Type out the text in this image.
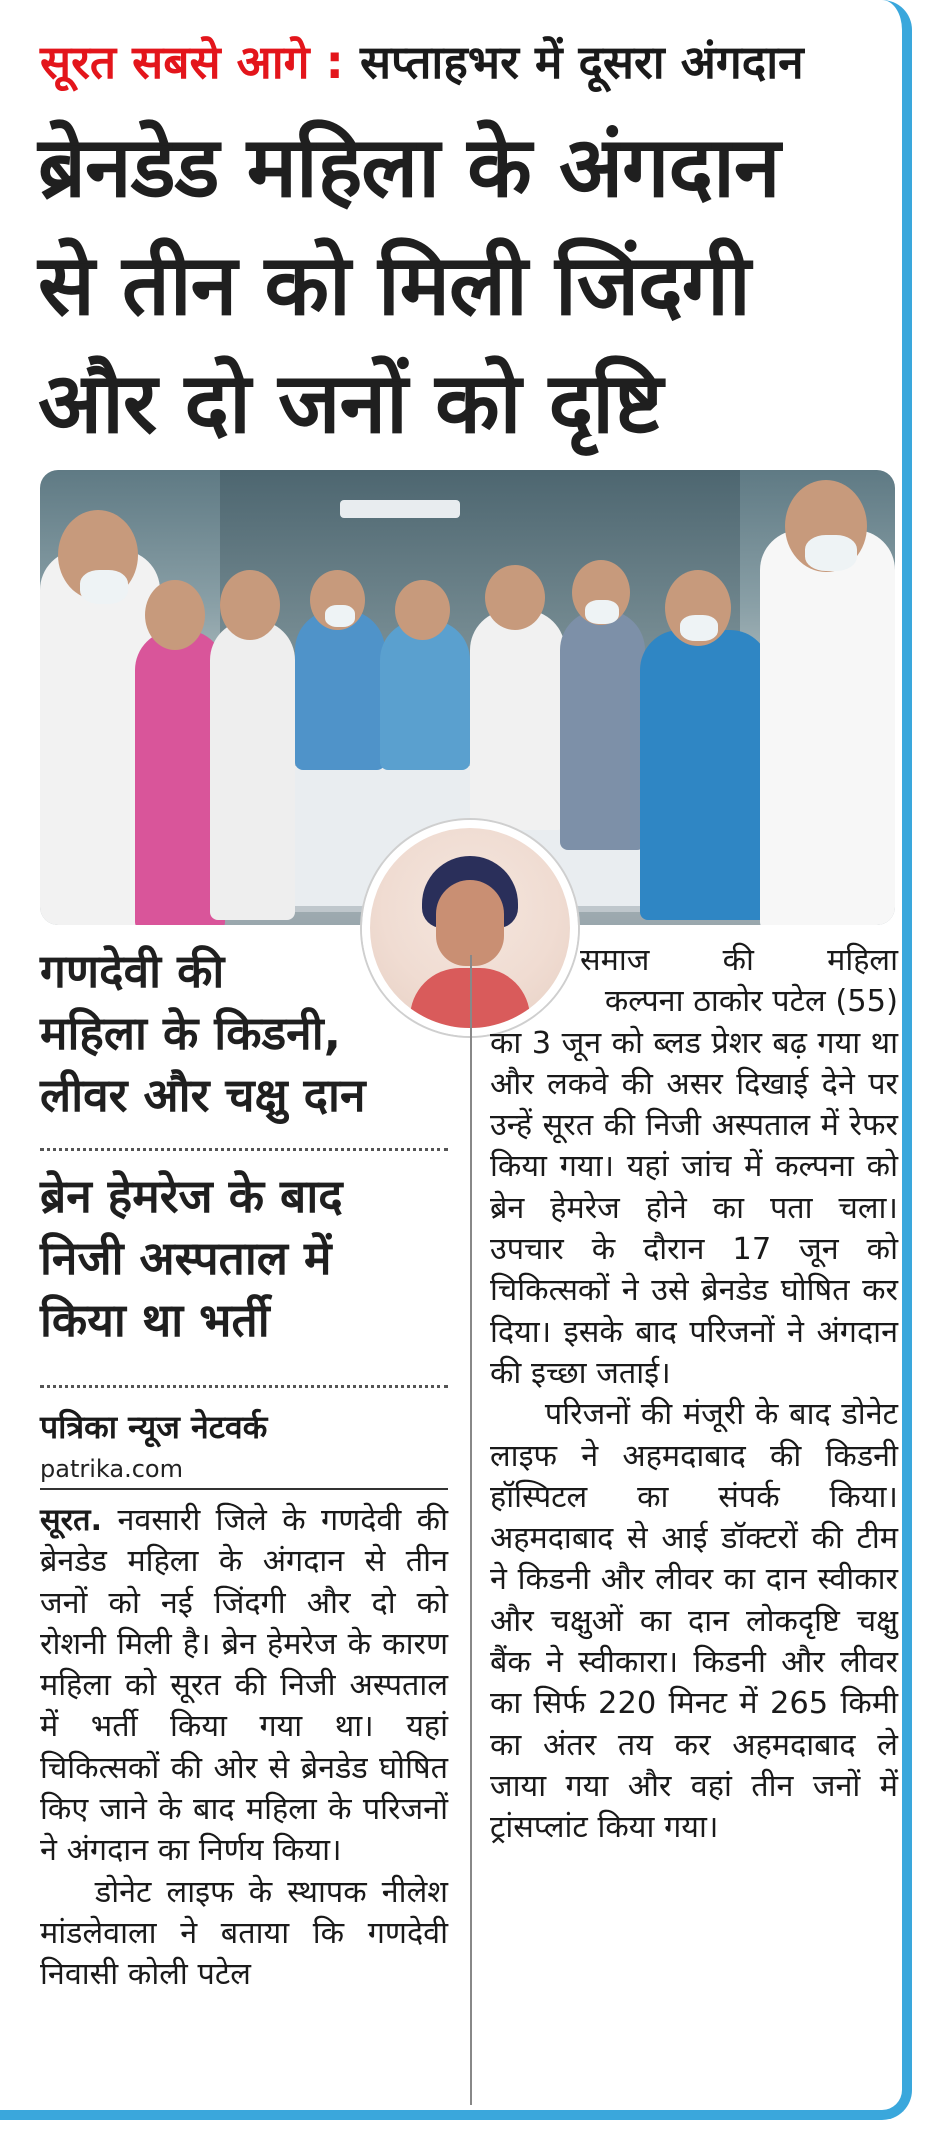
सूरत सबसे आगे : सप्ताहभर में दूसरा अंगदान
ब्रेनडेड महिला के अंगदान
से तीन को मिली जिंदगी
और दो जनों को दृष्टि
गणदेवी की
महिला के किडनी,
लीवर और चक्षु दान
ब्रेन हेमरेज के बाद
निजी अस्पताल में
किया था भर्ती
पत्रिका न्यूज नेटवर्क
patrika.com

सूरत. नवसारी जिले के गणदेवी की ब्रेनडेड महिला के अंगदान से तीन जनों को नई जिंदगी और दो को रोशनी मिली है। ब्रेन हेमरेज के कारण महिला को सूरत की निजी अस्पताल में भर्ती किया गया था। यहां चिकित्सकों की ओर से ब्रेनडेड घोषित किए जाने के बाद महिला के परिजनों ने अंगदान का निर्णय किया।

डोनेट लाइफ के स्थापक नीलेश मांडलेवाला ने बताया कि गणदेवी निवासी कोली पटेल

समाज की महिला
कल्पना ठाकोर पटेल (55)

का 3 जून को ब्लड प्रेशर बढ़ गया था और लकवे की असर दिखाई देने पर उन्हें सूरत की निजी अस्पताल में रेफर किया गया। यहां जांच में कल्पना को ब्रेन हेमरेज होने का पता चला। उपचार के दौरान 17 जून को चिकित्सकों ने उसे ब्रेनडेड घोषित कर दिया। इसके बाद परिजनों ने अंगदान की इच्छा जताई।

परिजनों की मंजूरी के बाद डोनेट लाइफ ने अहमदाबाद की किडनी हॉस्पिटल का संपर्क किया। अहमदाबाद से आई डॉक्टरों की टीम ने किडनी और लीवर का दान स्वीकार और चक्षुओं का दान लोकदृष्टि चक्षु बैंक ने स्वीकारा। किडनी और लीवर का सिर्फ 220 मिनट में 265 किमी का अंतर तय कर अहमदाबाद ले जाया गया और वहां तीन जनों में ट्रांसप्लांट किया गया।
